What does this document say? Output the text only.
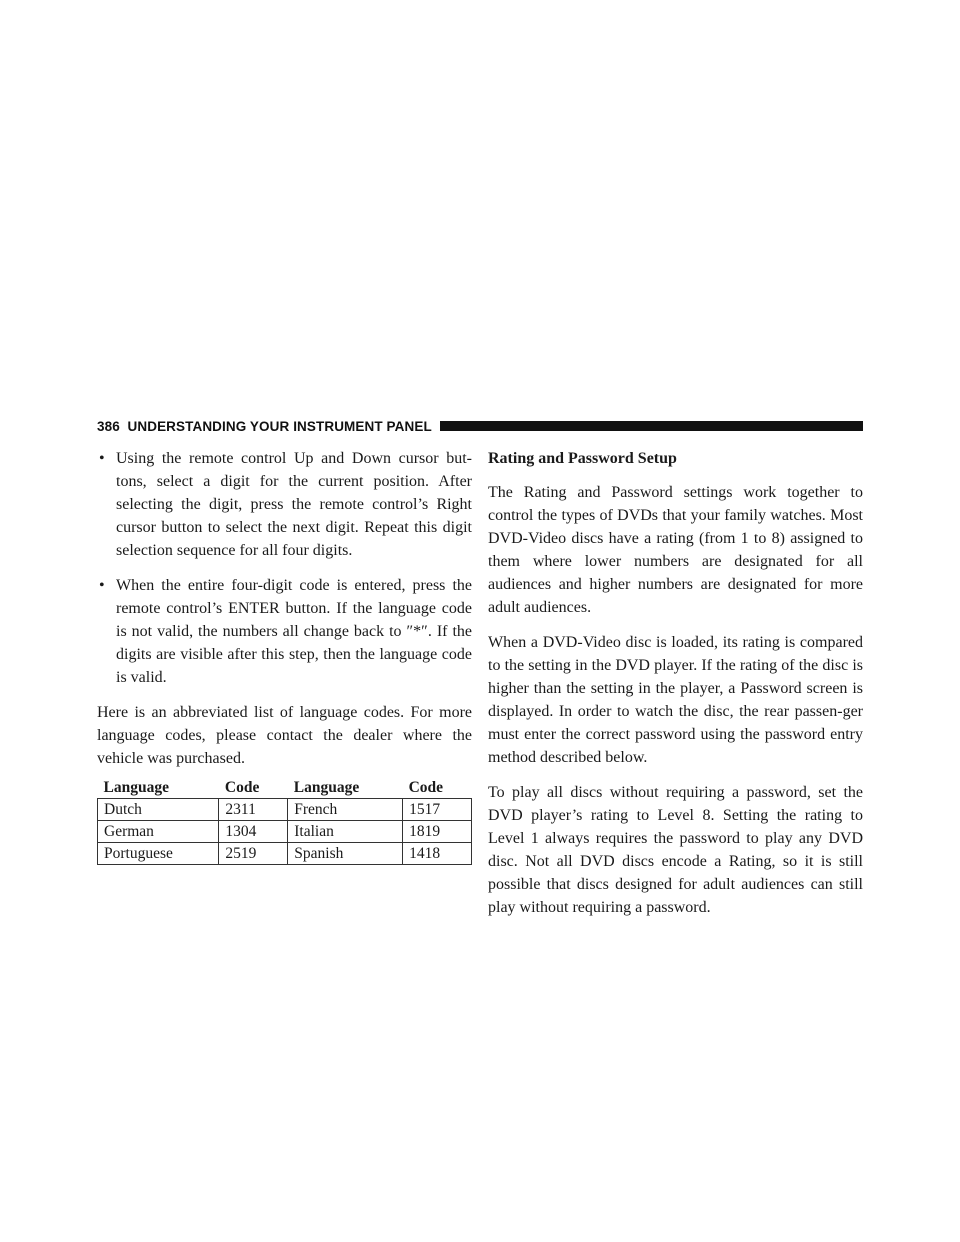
386 UNDERSTANDING YOUR INSTRUMENT PANEL

• Using the remote control Up and Down cursor but-tons, select a digit for the current position. After selecting the digit, press the remote control’s Right cursor button to select the next digit. Repeat this digit selection sequence for all four digits.

• When the entire four-digit code is entered, press the remote control’s ENTER button. If the language code is not valid, the numbers all change back to ″*″. If the digits are visible after this step, then the language code is valid.

Here is an abbreviated list of language codes. For more language codes, please contact the dealer where the vehicle was purchased.

Language	Code	Language	Code
Dutch	2311	French	1517
German	1304	Italian	1819
Portuguese	2519	Spanish	1418

Rating and Password Setup

The Rating and Password settings work together to control the types of DVDs that your family watches. Most DVD-Video discs have a rating (from 1 to 8) assigned to them where lower numbers are designated for all audiences and higher numbers are designated for more adult audiences.

When a DVD-Video disc is loaded, its rating is compared to the setting in the DVD player. If the rating of the disc is higher than the setting in the player, a Password screen is displayed. In order to watch the disc, the rear passen-ger must enter the correct password using the password entry method described below.

To play all discs without requiring a password, set the DVD player’s rating to Level 8. Setting the rating to Level 1 always requires the password to play any DVD disc. Not all DVD discs encode a Rating, so it is still possible that discs designed for adult audiences can still play without requiring a password.
